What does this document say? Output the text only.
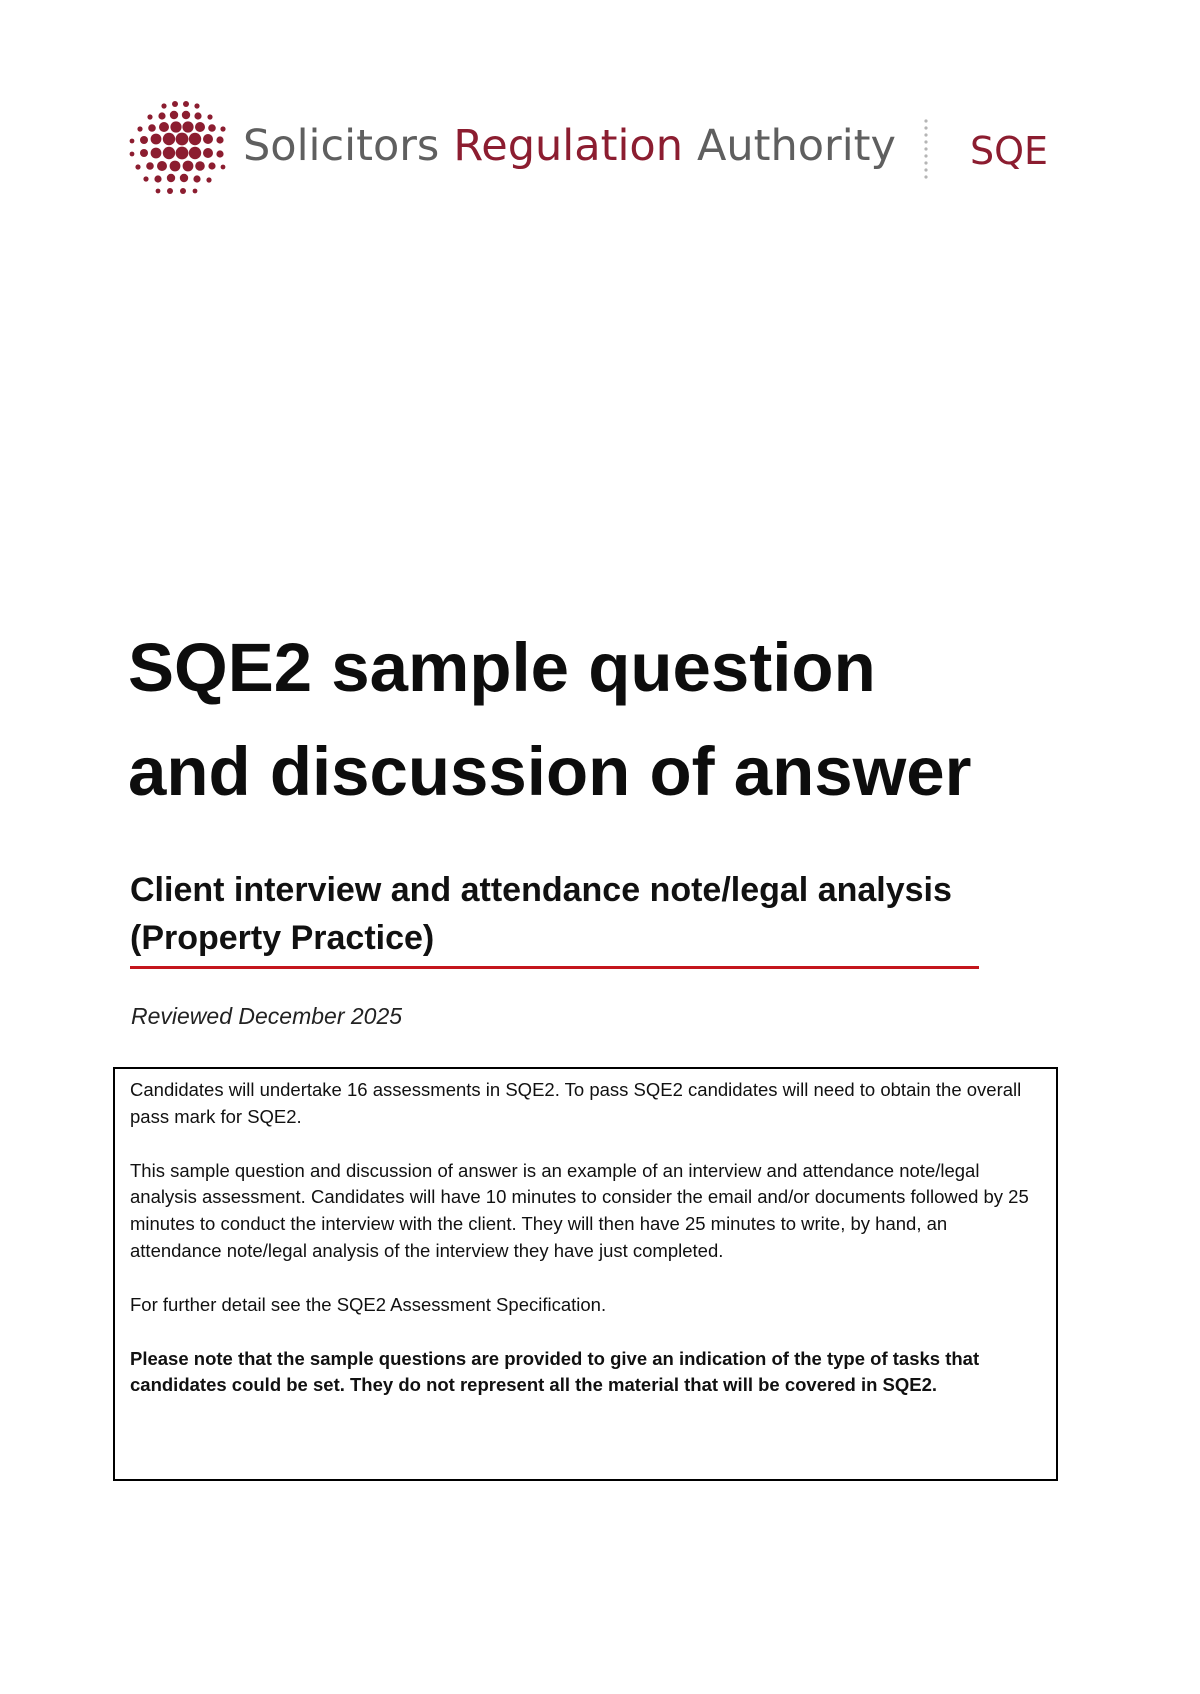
Solicitors Regulation Authority SQE
SQE2 sample question
and discussion of answer
Client interview and attendance note/legal analysis
(Property Practice)
Reviewed December 2025

Candidates will undertake 16 assessments in SQE2. To pass SQE2 candidates will need to obtain the overall pass mark for SQE2.

This sample question and discussion of answer is an example of an interview and attendance note/legal analysis assessment. Candidates will have 10 minutes to consider the email and/or documents followed by 25 minutes to conduct the interview with the client. They will then have 25 minutes to write, by hand, an attendance note/legal analysis of the interview they have just completed.

For further detail see the SQE2 Assessment Specification.

Please note that the sample questions are provided to give an indication of the type of tasks that candidates could be set. They do not represent all the material that will be covered in SQE2.
